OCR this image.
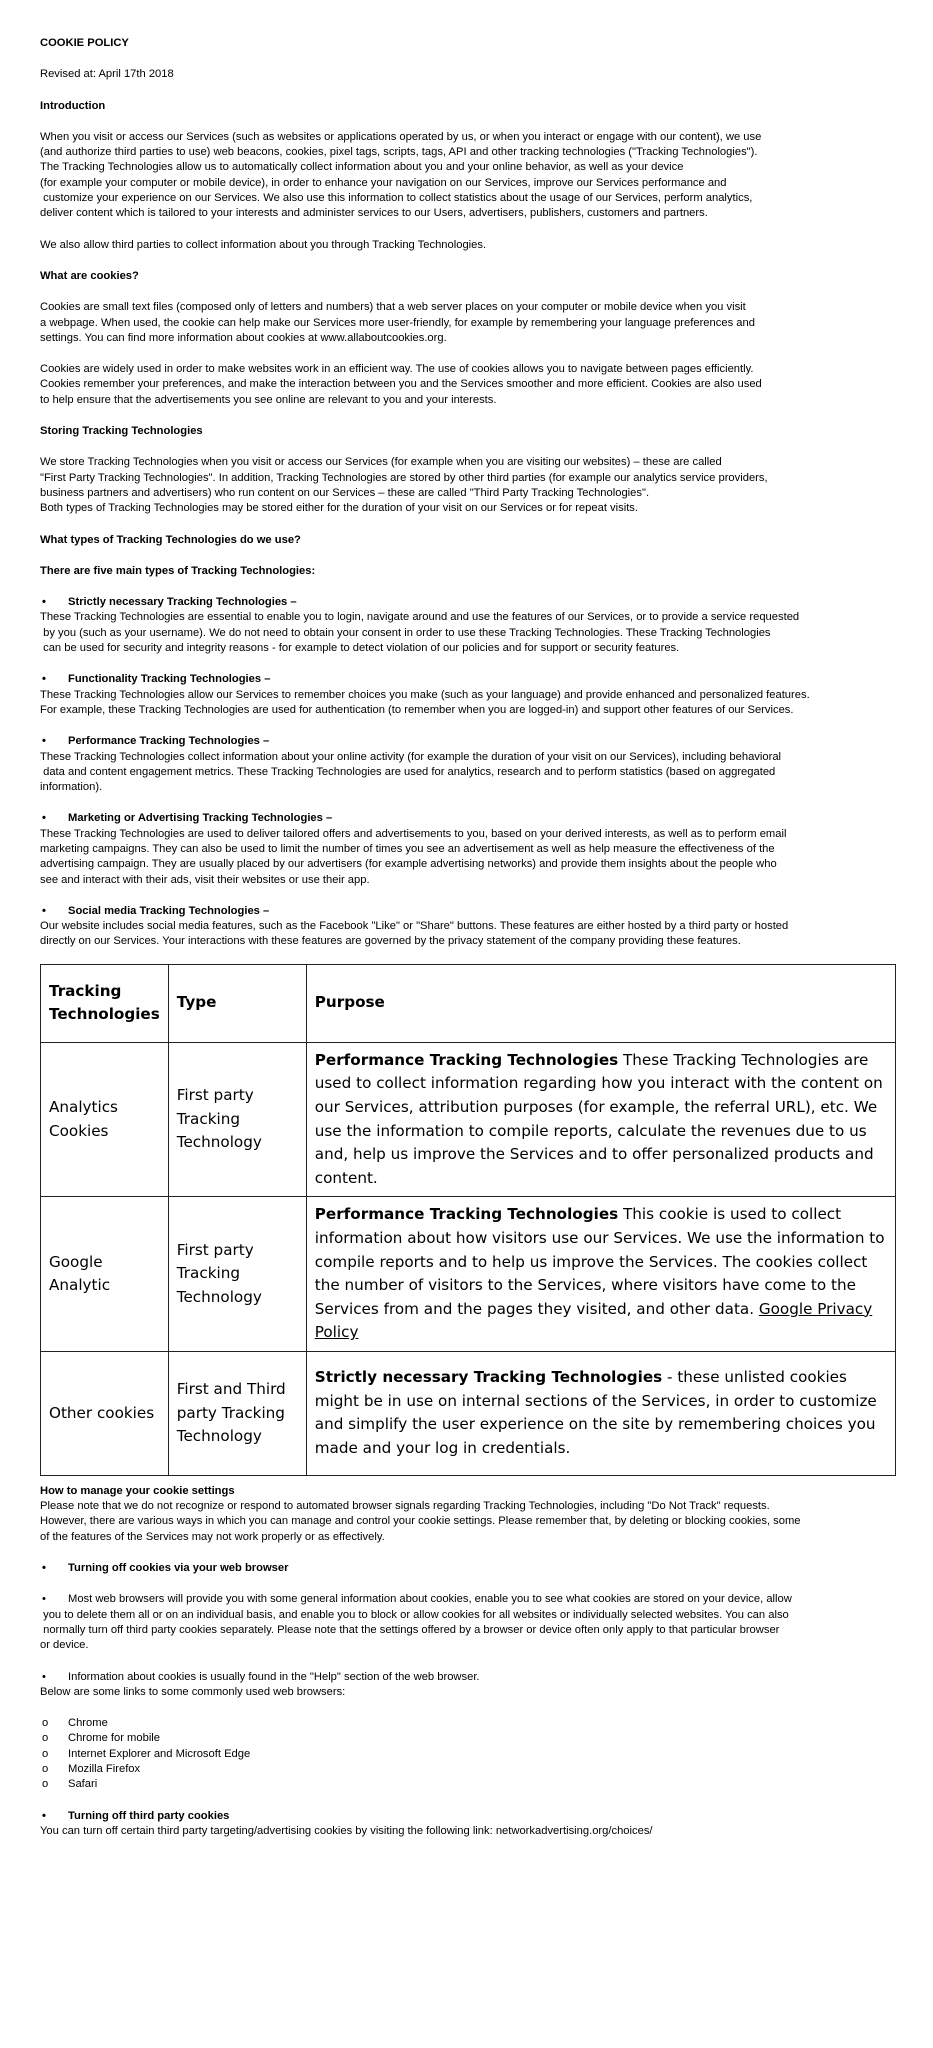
COOKIE POLICY
Revised at: April 17th 2018
Introduction
When you visit or access our Services (such as websites or applications operated by us, or when you interact or engage with our content), we use
(and authorize third parties to use) web beacons, cookies, pixel tags, scripts, tags, API and other tracking technologies ("Tracking Technologies").
The Tracking Technologies allow us to automatically collect information about you and your online behavior, as well as your device
(for example your computer or mobile device), in order to enhance your navigation on our Services, improve our Services performance and
customize your experience on our Services. We also use this information to collect statistics about the usage of our Services, perform analytics,
deliver content which is tailored to your interests and administer services to our Users, advertisers, publishers, customers and partners.
We also allow third parties to collect information about you through Tracking Technologies.
What are cookies?
Cookies are small text files (composed only of letters and numbers) that a web server places on your computer or mobile device when you visit
a webpage. When used, the cookie can help make our Services more user-friendly, for example by remembering your language preferences and
settings. You can find more information about cookies at www.allaboutcookies.org.
Cookies are widely used in order to make websites work in an efficient way. The use of cookies allows you to navigate between pages efficiently.
Cookies remember your preferences, and make the interaction between you and the Services smoother and more efficient. Cookies are also used
to help ensure that the advertisements you see online are relevant to you and your interests.
Storing Tracking Technologies
We store Tracking Technologies when you visit or access our Services (for example when you are visiting our websites) – these are called
"First Party Tracking Technologies". In addition, Tracking Technologies are stored by other third parties (for example our analytics service providers,
business partners and advertisers) who run content on our Services – these are called "Third Party Tracking Technologies".
Both types of Tracking Technologies may be stored either for the duration of your visit on our Services or for repeat visits.
What types of Tracking Technologies do we use?
There are five main types of Tracking Technologies:
• Strictly necessary Tracking Technologies –
These Tracking Technologies are essential to enable you to login, navigate around and use the features of our Services, or to provide a service requested
by you (such as your username). We do not need to obtain your consent in order to use these Tracking Technologies. These Tracking Technologies
can be used for security and integrity reasons - for example to detect violation of our policies and for support or security features.
• Functionality Tracking Technologies –
These Tracking Technologies allow our Services to remember choices you make (such as your language) and provide enhanced and personalized features.
For example, these Tracking Technologies are used for authentication (to remember when you are logged-in) and support other features of our Services.
• Performance Tracking Technologies –
These Tracking Technologies collect information about your online activity (for example the duration of your visit on our Services), including behavioral
data and content engagement metrics. These Tracking Technologies are used for analytics, research and to perform statistics (based on aggregated
information).
• Marketing or Advertising Tracking Technologies –
These Tracking Technologies are used to deliver tailored offers and advertisements to you, based on your derived interests, as well as to perform email
marketing campaigns. They can also be used to limit the number of times you see an advertisement as well as help measure the effectiveness of the
advertising campaign. They are usually placed by our advertisers (for example advertising networks) and provide them insights about the people who
see and interact with their ads, visit their websites or use their app.
• Social media Tracking Technologies –
Our website includes social media features, such as the Facebook "Like" or "Share" buttons. These features are either hosted by a third party or hosted
directly on our Services. Your interactions with these features are governed by the privacy statement of the company providing these features.
Tracking Technologies	Type	Purpose
Analytics Cookies	First party Tracking Technology	Performance Tracking Technologies These Tracking Technologies are used to collect information regarding how you interact with the content on our Services, attribution purposes (for example, the referral URL), etc. We use the information to compile reports, calculate the revenues due to us and, help us improve the Services and to offer personalized products and content.
Google Analytic	First party Tracking Technology	Performance Tracking Technologies This cookie is used to collect information about how visitors use our Services. We use the information to compile reports and to help us improve the Services. The cookies collect the number of visitors to the Services, where visitors have come to the Services from and the pages they visited, and other data. Google Privacy Policy
Other cookies	First and Third party Tracking Technology	Strictly necessary Tracking Technologies - these unlisted cookies might be in use on internal sections of the Services, in order to customize and simplify the user experience on the site by remembering choices you made and your log in credentials.
How to manage your cookie settings
Please note that we do not recognize or respond to automated browser signals regarding Tracking Technologies, including "Do Not Track" requests.
However, there are various ways in which you can manage and control your cookie settings. Please remember that, by deleting or blocking cookies, some
of the features of the Services may not work properly or as effectively.
• Turning off cookies via your web browser
• Most web browsers will provide you with some general information about cookies, enable you to see what cookies are stored on your device, allow
you to delete them all or on an individual basis, and enable you to block or allow cookies for all websites or individually selected websites. You can also
normally turn off third party cookies separately. Please note that the settings offered by a browser or device often only apply to that particular browser
or device.
• Information about cookies is usually found in the "Help" section of the web browser.
Below are some links to some commonly used web browsers:
o Chrome
o Chrome for mobile
o Internet Explorer and Microsoft Edge
o Mozilla Firefox
o Safari
• Turning off third party cookies
You can turn off certain third party targeting/advertising cookies by visiting the following link: networkadvertising.org/choices/
